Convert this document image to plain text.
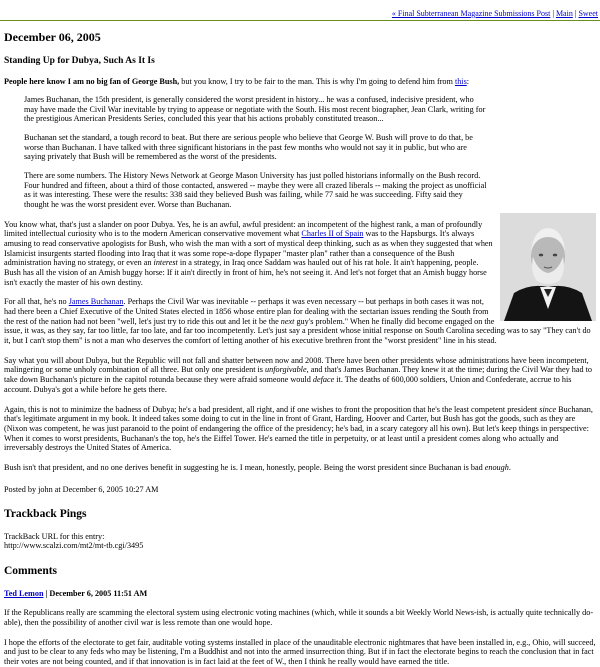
« Final Subterranean Magazine Submissions Post | Main | Sweet
December 06, 2005
Standing Up for Dubya, Such As It Is

People here know I am no big fan of George Bush, but you know, I try to be fair to the man. This is why I'm going to defend him from this:

James Buchanan, the 15th president, is generally considered the worst president in history... he was a confused, indecisive president, who may have made the Civil War inevitable by trying to appease or negotiate with the South. His most recent biographer, Jean Clark, writing for the prestigious American Presidents Series, concluded this year that his actions probably constituted treason...

Buchanan set the standard, a tough record to beat. But there are serious people who believe that George W. Bush will prove to do that, be worse than Buchanan. I have talked with three significant historians in the past few months who would not say it in public, but who are saying privately that Bush will be remembered as the worst of the presidents.

There are some numbers. The History News Network at George Mason University has just polled historians informally on the Bush record. Four hundred and fifteen, about a third of those contacted, answered -- maybe they were all crazed liberals -- making the project as unofficial as it was interesting. These were the results: 338 said they believed Bush was failing, while 77 said he was succeeding. Fifty said they thought he was the worst president ever. Worse than Buchanan.

You know what, that's just a slander on poor Dubya. Yes, he is an awful, awful president: an incompetent of the highest rank, a man of profoundly limited intellectual curiosity who is to the modern American conservative movement what Charles II of Spain was to the Hapsburgs. It's always amusing to read conservative apologists for Bush, who wish the man with a sort of mystical deep thinking, such as as when they suggested that when Islamicist insurgents started flooding into Iraq that it was some rope-a-dope flypaper "master plan" rather than a consequence of the Bush administration having no strategy, or even an interest in a strategy, in Iraq once Saddam was hauled out of his rat hole. It ain't happening, people. Bush has all the vision of an Amish buggy horse: If it ain't directly in front of him, he's not seeing it. And let's not forget that an Amish buggy horse isn't exactly the master of his own destiny.

For all that, he's no James Buchanan. Perhaps the Civil War was inevitable -- perhaps it was even necessary -- but perhaps in both cases it was not, had there been a Chief Executive of the United States elected in 1856 whose entire plan for dealing with the sectarian issues rending the South from the rest of the nation had not been "well, let's just try to ride this out and let it be the next guy's problem." When he finally did become engaged on the issue, it was, as they say, far too little, far too late, and far too incompetently. Let's just say a president whose initial response on South Carolina seceding was to say "They can't do it, but I can't stop them" is not a man who deserves the comfort of letting another of his executive brethren front the "worst president" line in his stead.

Say what you will about Dubya, but the Republic will not fall and shatter between now and 2008. There have been other presidents whose administrations have been incompetent, malingering or some unholy combination of all three. But only one president is unforgivable, and that's James Buchanan. They knew it at the time; during the Civil War they had to take down Buchanan's picture in the capitol rotunda because they were afraid someone would deface it. The deaths of 600,000 soldiers, Union and Confederate, accrue to his account. Dubya's got a while before he gets there.

Again, this is not to minimize the badness of Dubya; he's a bad president, all right, and if one wishes to front the proposition that he's the least competent president since Buchanan, that's legitimate argument in my book. It indeed takes some doing to cut in the line in front of Grant, Harding, Hoover and Carter, but Bush has got the goods, such as they are (Nixon was competent, he was just paranoid to the point of endangering the office of the presidency; he's bad, in a scary category all his own). But let's keep things in perspective: When it comes to worst presidents, Buchanan's the top, he's the Eiffel Tower. He's earned the title in perpetuity, or at least until a president comes along who actually and irreversably destroys the United States of America.

Bush isn't that president, and no one derives benefit in suggesting he is. I mean, honestly, people. Being the worst president since Buchanan is bad enough.

Posted by john at December 6, 2005 10:27 AM

Trackback Pings

TrackBack URL for this entry:
http://www.scalzi.com/mt2/mt-tb.cgi/3495

Comments

Ted Lemon | December 6, 2005 11:51 AM

If the Republicans really are scamming the electoral system using electronic voting machines (which, while it sounds a bit Weekly World News-ish, is actually quite technically do-able), then the possibility of another civil war is less remote than one would hope.

I hope the efforts of the electorate to get fair, auditable voting systems installed in place of the unauditable electronic nightmares that have been installed in, e.g., Ohio, will succeed, and just to be clear to any feds who may be listening, I'm a Buddhist and not into the armed insurrection thing. But if in fact the electorate begins to reach the conclusion that in fact their votes are not being counted, and if that innovation is in fact laid at the feet of W., then I think he really would have earned the title.
